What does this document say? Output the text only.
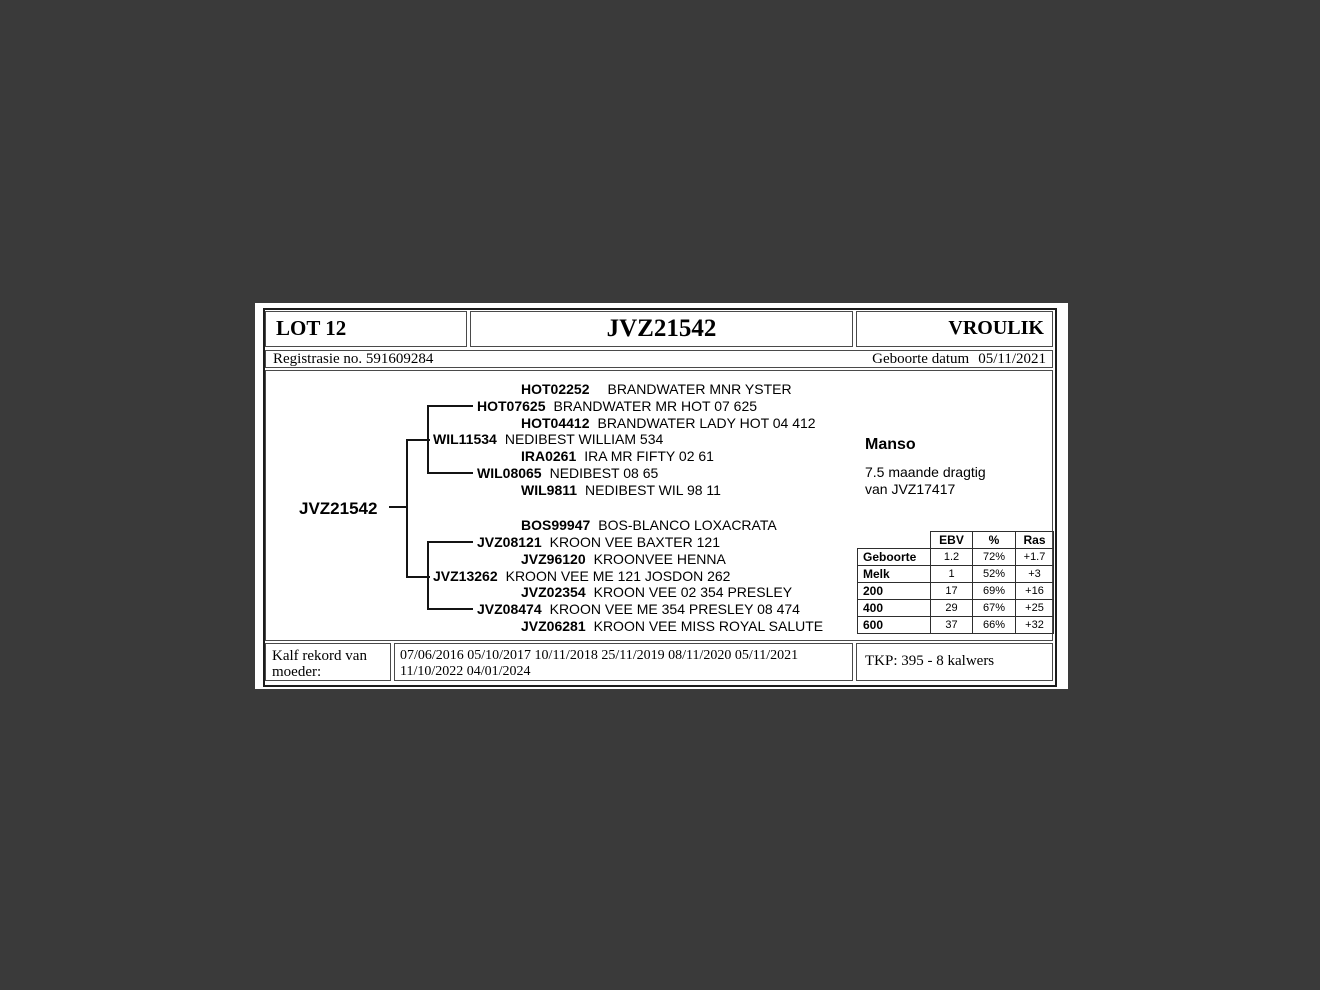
LOT 12	JVZ21542	VROULIK
Registrasie no. 591609284	Geboorte datum 05/11/2021
JVZ21542
HOT02252 BRANDWATER MNR YSTER
HOT07625 BRANDWATER MR HOT 07 625
HOT04412 BRANDWATER LADY HOT 04 412
WIL11534 NEDIBEST WILLIAM 534
IRA0261 IRA MR FIFTY 02 61
WIL08065 NEDIBEST 08 65
WIL9811 NEDIBEST WIL 98 11
BOS99947 BOS-BLANCO LOXACRATA
JVZ08121 KROON VEE BAXTER 121
JVZ96120 KROONVEE HENNA
JVZ13262 KROON VEE ME 121 JOSDON 262
JVZ02354 KROON VEE 02 354 PRESLEY
JVZ08474 KROON VEE ME 354 PRESLEY 08 474
JVZ06281 KROON VEE MISS ROYAL SALUTE
Manso
7.5 maande dragtig
van JVZ17417
	EBV	%	Ras
Geboorte	1.2	72%	+1.7
Melk	1	52%	+3
200	17	69%	+16
400	29	67%	+25
600	37	66%	+32
Kalf rekord van
moeder:
07/06/2016 05/10/2017 10/11/2018 25/11/2019 08/11/2020 05/11/2021
11/10/2022 04/01/2024
TKP: 395 - 8 kalwers
